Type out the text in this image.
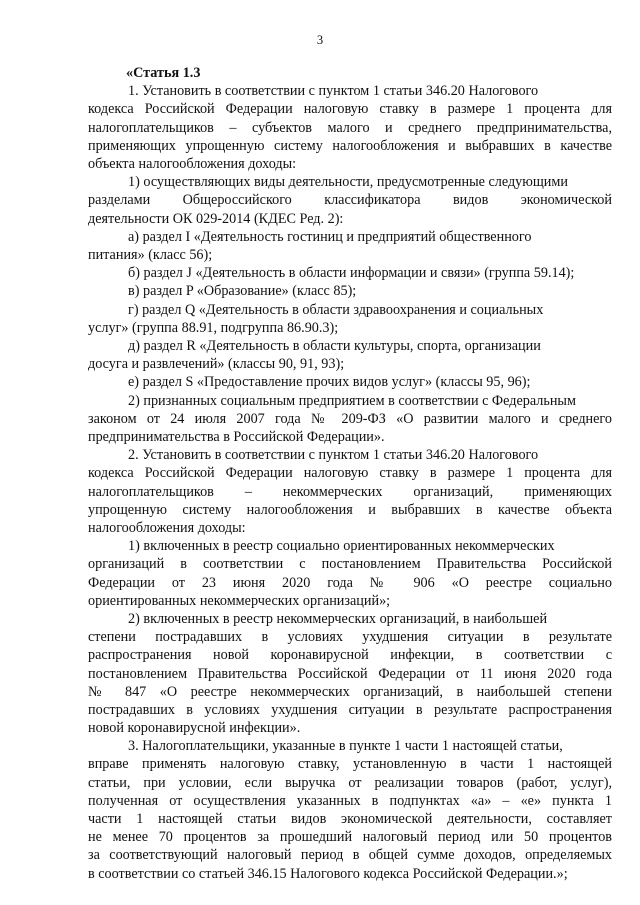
3
«Статья 1.3
1. Установить в соответствии с пунктом 1 статьи 346.20 Налогового
кодекса Российской Федерации налоговую ставку в размере 1 процента для
налогоплательщиков – субъектов малого и среднего предпринимательства,
применяющих упрощенную систему налогообложения и выбравших в качестве
объекта налогообложения доходы:
1) осуществляющих виды деятельности, предусмотренные следующими
разделами Общероссийского классификатора видов экономической
деятельности ОК 029-2014 (КДЕС Ред. 2):
а) раздел I «Деятельность гостиниц и предприятий общественного
питания» (класс 56);
б) раздел J «Деятельность в области информации и связи» (группа 59.14);
в) раздел P «Образование» (класс 85);
г) раздел Q «Деятельность в области здравоохранения и социальных
услуг» (группа 88.91, подгруппа 86.90.3);
д) раздел R «Деятельность в области культуры, спорта, организации
досуга и развлечений» (классы 90, 91, 93);
е) раздел S «Предоставление прочих видов услуг» (классы 95, 96);
2) признанных социальным предприятием в соответствии с Федеральным
законом от 24 июля 2007 года № 209-ФЗ «О развитии малого и среднего
предпринимательства в Российской Федерации».
2. Установить в соответствии с пунктом 1 статьи 346.20 Налогового
кодекса Российской Федерации налоговую ставку в размере 1 процента для
налогоплательщиков – некоммерческих организаций, применяющих
упрощенную систему налогообложения и выбравших в качестве объекта
налогообложения доходы:
1) включенных в реестр социально ориентированных некоммерческих
организаций в соответствии с постановлением Правительства Российской
Федерации от 23 июня 2020 года № 906 «О реестре социально
ориентированных некоммерческих организаций»;
2) включенных в реестр некоммерческих организаций, в наибольшей
степени пострадавших в условиях ухудшения ситуации в результате
распространения новой коронавирусной инфекции, в соответствии с
постановлением Правительства Российской Федерации от 11 июня 2020 года
№ 847 «О реестре некоммерческих организаций, в наибольшей степени
пострадавших в условиях ухудшения ситуации в результате распространения
новой коронавирусной инфекции».
3. Налогоплательщики, указанные в пункте 1 части 1 настоящей статьи,
вправе применять налоговую ставку, установленную в части 1 настоящей
статьи, при условии, если выручка от реализации товаров (работ, услуг),
полученная от осуществления указанных в подпунктах «а» – «е» пункта 1
части 1 настоящей статьи видов экономической деятельности, составляет
не менее 70 процентов за прошедший налоговый период или 50 процентов
за соответствующий налоговый период в общей сумме доходов, определяемых
в соответствии со статьей 346.15 Налогового кодекса Российской Федерации.»;
